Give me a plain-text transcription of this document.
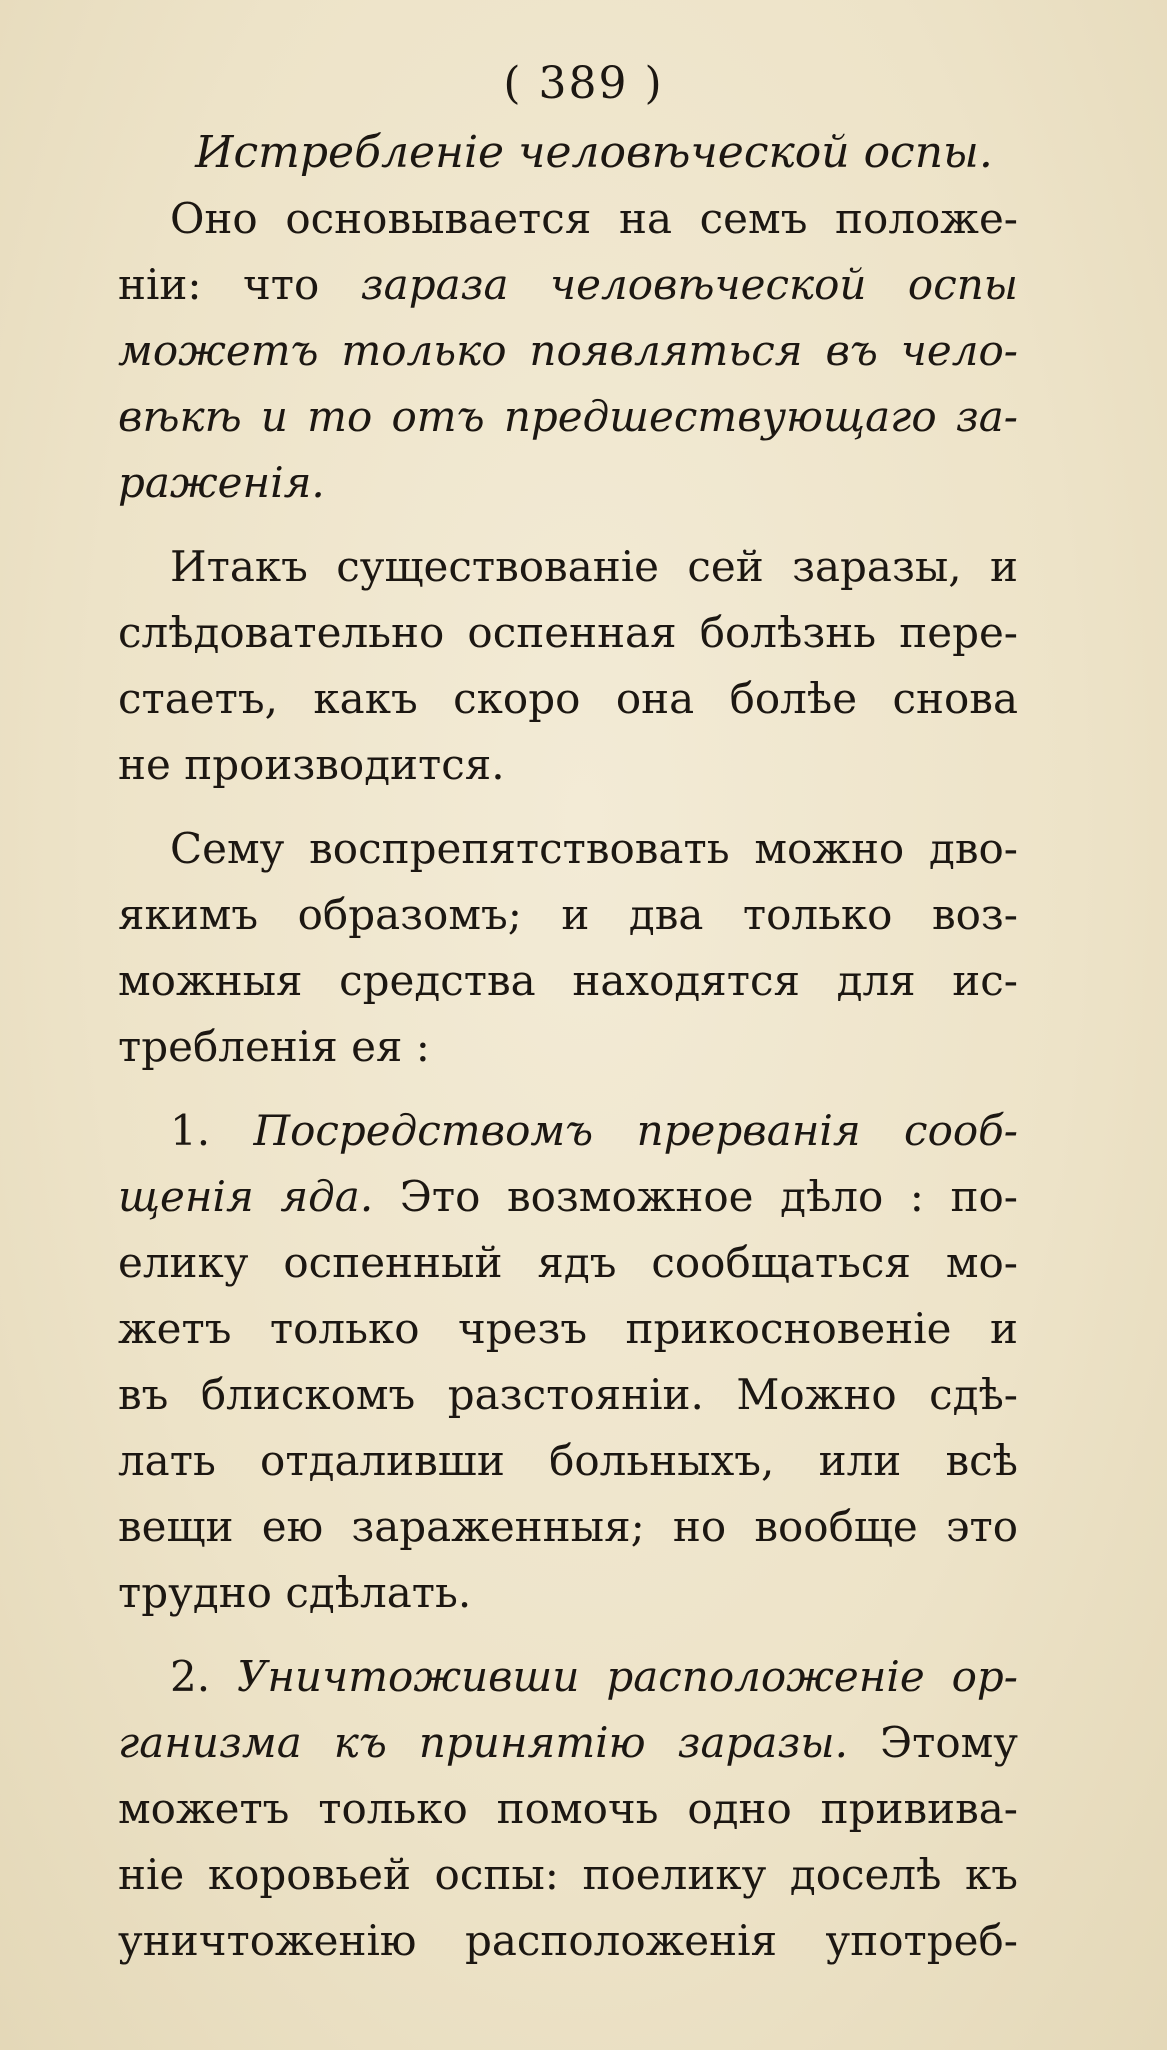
( 389 )
Истребленіе человѣческой оспы.
Оно основывается на семъ положе-
ніи: что зараза человѣческой оспы
можетъ только появляться въ чело-
вѣкѣ и то отъ предшествующаго за-
раженія.
Итакъ существованіе сей заразы, и
слѣдовательно оспенная болѣзнь пере-
стаетъ, какъ скоро она болѣе снова
не производится.
Сему воспрепятствовать можно дво-
якимъ образомъ; и два только воз-
можныя средства находятся для ис-
требленія ея :
1. Посредствомъ прерванія сооб-
щенія яда. Это возможное дѣло : по-
елику оспенный ядъ сообщаться мо-
жетъ только чрезъ прикосновеніе и
въ блискомъ разстояніи. Можно сдѣ-
лать отдаливши больныхъ, или всѣ
вещи ею зараженныя; но вообще это
трудно сдѣлать.
2. Уничтоживши расположеніе ор-
ганизма къ принятію заразы. Этому
можетъ только помочь одно привива-
ніе коровьей оспы: поелику доселѣ къ
уничтоженію расположенія употреб-
